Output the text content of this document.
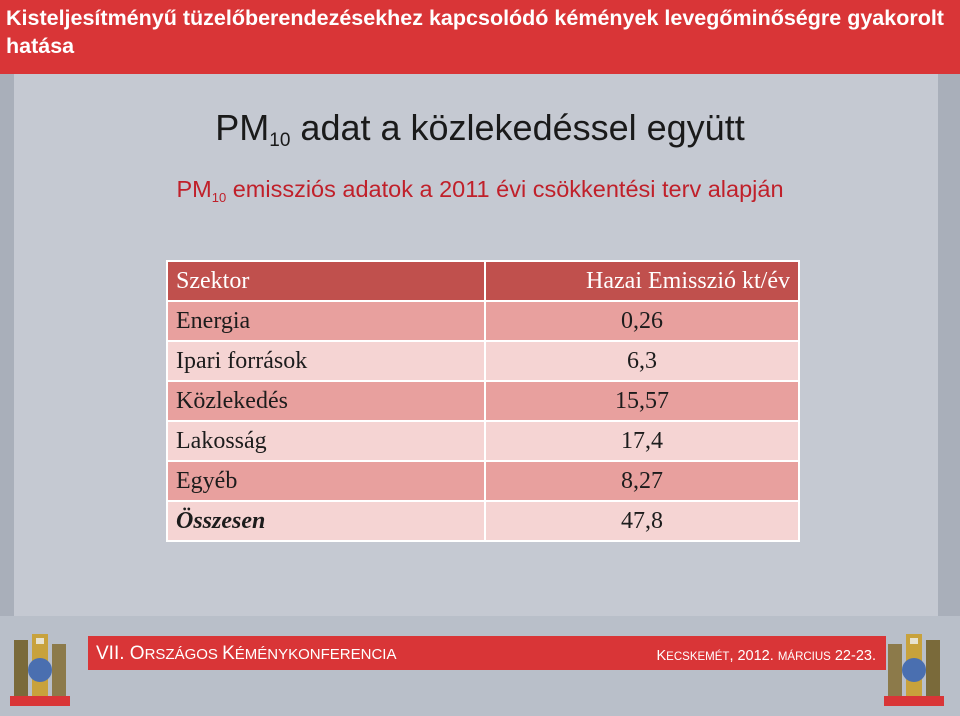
Kisteljesítményű tüzelőberendezésekhez kapcsolódó kémények levegőminőségre gyakorolt hatása
$PM_{10}$ adat a közlekedéssel együtt
$PM_{10}$ emissziós adatok a 2011 évi csökkentési terv alapján
Szektor	Hazai Emisszió kt/év
Energia	0,26
Ipari források	6,3
Közlekedés	15,57
Lakosság	17,4
Egyéb	8,27
Összesen	47,8
VII. ORSZÁGOS KÉMÉNYKONFERENCIA	KECSKEMÉT, 2012. MÁRCIUS 22-23.
